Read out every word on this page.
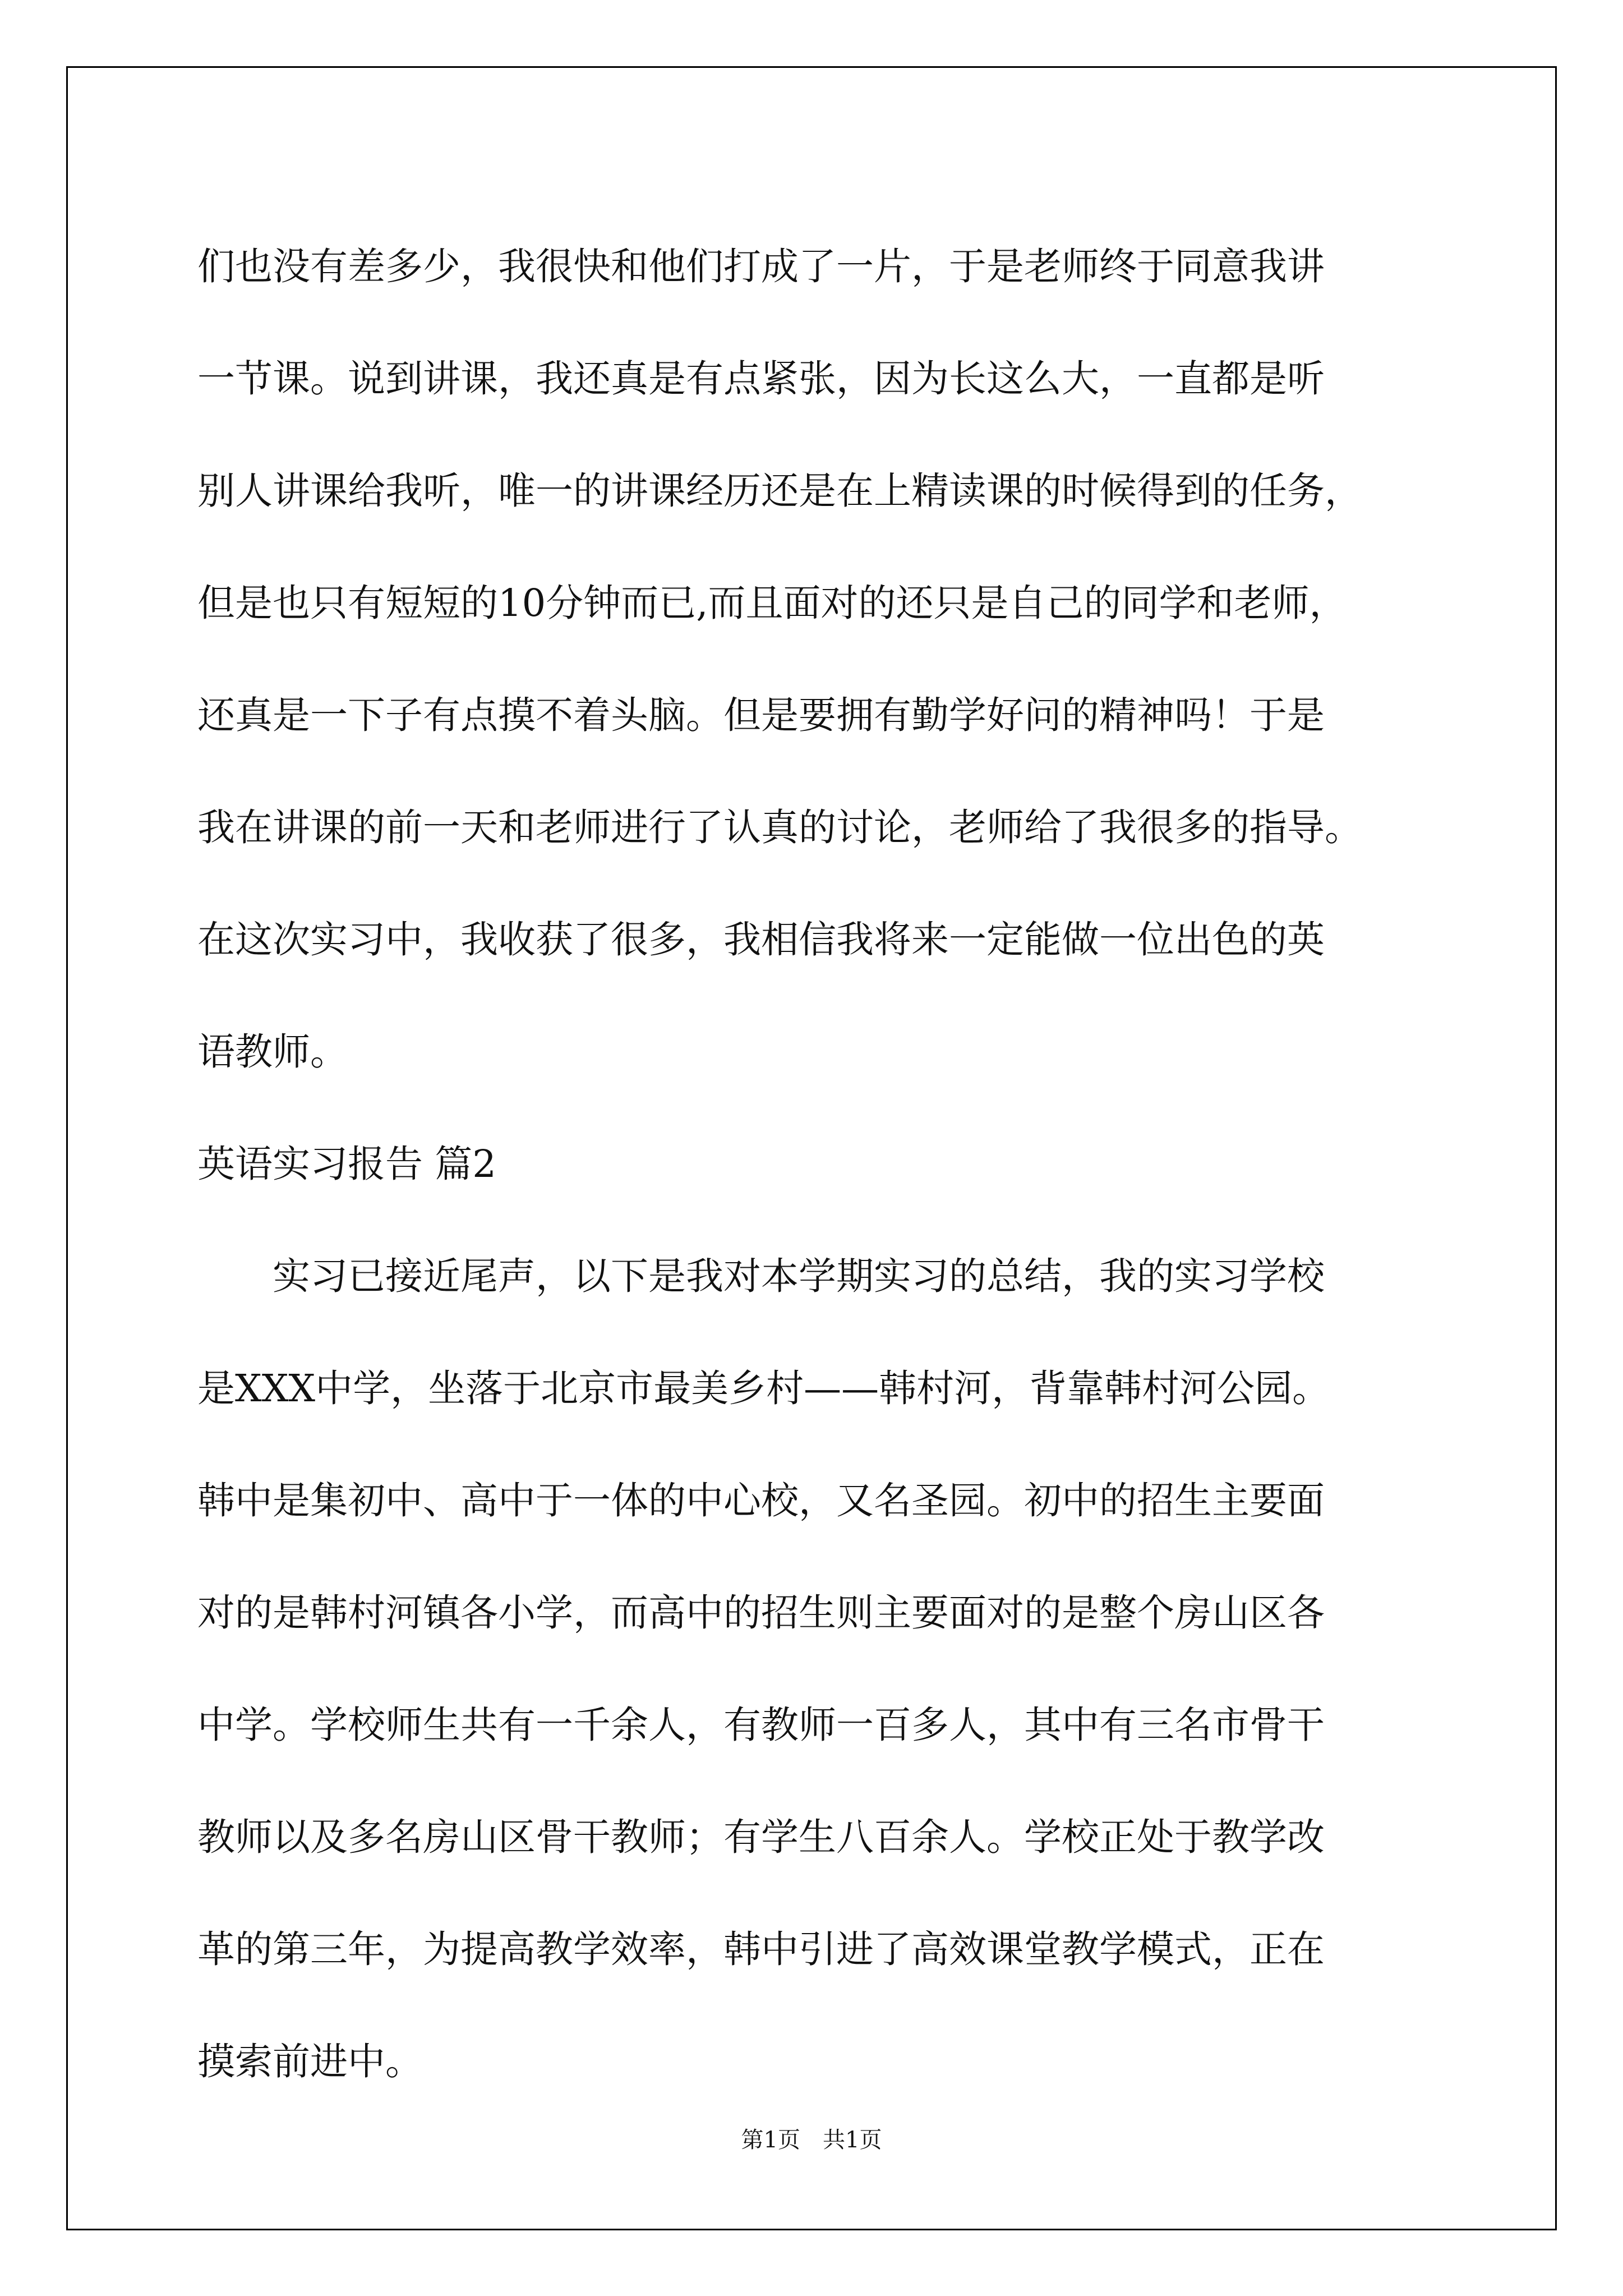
们也没有差多少，我很快和他们打成了一片，于是老师终于同意我讲
一节课。说到讲课，我还真是有点紧张，因为长这么大，一直都是听
别人讲课给我听，唯一的讲课经历还是在上精读课的时候得到的任务，
但是也只有短短的10分钟而已,而且面对的还只是自己的同学和老师，
还真是一下子有点摸不着头脑。但是要拥有勤学好问的精神吗！于是
我在讲课的前一天和老师进行了认真的讨论，老师给了我很多的指导。
在这次实习中，我收获了很多，我相信我将来一定能做一位出色的英
语教师。
英语实习报告 篇2
实习已接近尾声，以下是我对本学期实习的总结，我的实习学校
是XXX中学，坐落于北京市最美乡村——韩村河，背靠韩村河公园。
韩中是集初中、高中于一体的中心校，又名圣园。初中的招生主要面
对的是韩村河镇各小学，而高中的招生则主要面对的是整个房山区各
中学。学校师生共有一千余人，有教师一百多人，其中有三名市骨干
教师以及多名房山区骨干教师；有学生八百余人。学校正处于教学改
革的第三年，为提高教学效率，韩中引进了高效课堂教学模式，正在
摸索前进中。
第1页　共1页
